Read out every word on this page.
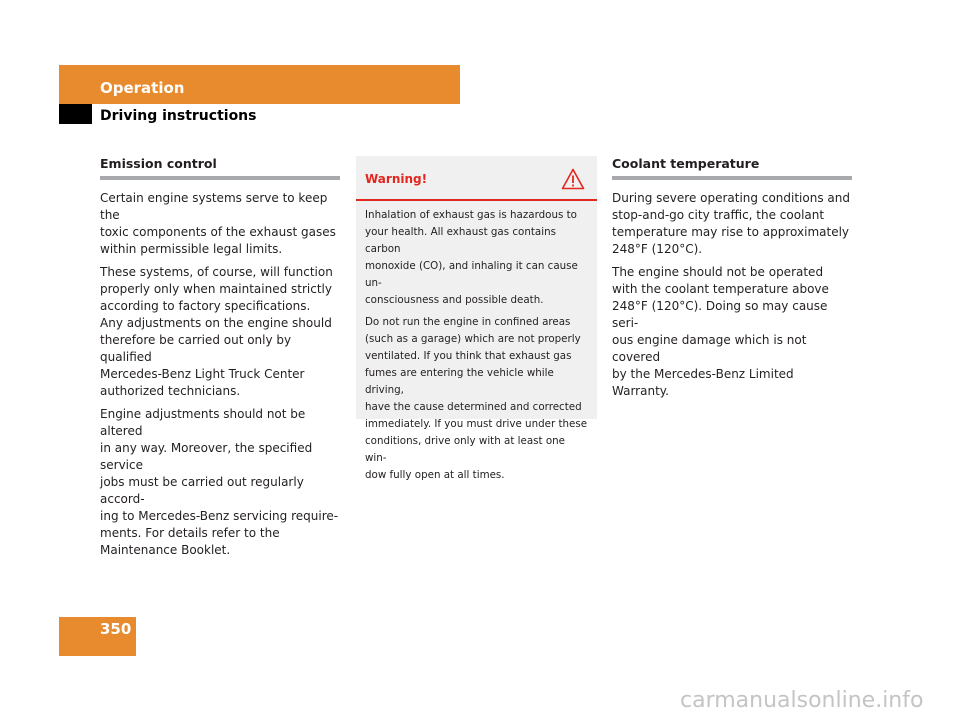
Operation
Driving instructions
Emission control
Certain engine systems serve to keep the
toxic components of the exhaust gases
within permissible legal limits.
These systems, of course, will function
properly only when maintained strictly
according to factory specifications.
Any adjustments on the engine should
therefore be carried out only by qualified
Mercedes-Benz Light Truck Center
authorized technicians.
Engine adjustments should not be altered
in any way. Moreover, the specified service
jobs must be carried out regularly accord-
ing to Mercedes-Benz servicing require-
ments. For details refer to the
Maintenance Booklet.
Warning!
Inhalation of exhaust gas is hazardous to
your health. All exhaust gas contains carbon
monoxide (CO), and inhaling it can cause un-
consciousness and possible death.
Do not run the engine in confined areas
(such as a garage) which are not properly
ventilated. If you think that exhaust gas
fumes are entering the vehicle while driving,
have the cause determined and corrected
immediately. If you must drive under these
conditions, drive only with at least one win-
dow fully open at all times.
Coolant temperature
During severe operating conditions and
stop-and-go city traffic, the coolant
temperature may rise to approximately
248°F (120°C).
The engine should not be operated
with the coolant temperature above
248°F (120°C). Doing so may cause seri-
ous engine damage which is not covered
by the Mercedes-Benz Limited Warranty.
350
carmanualsonline.info
